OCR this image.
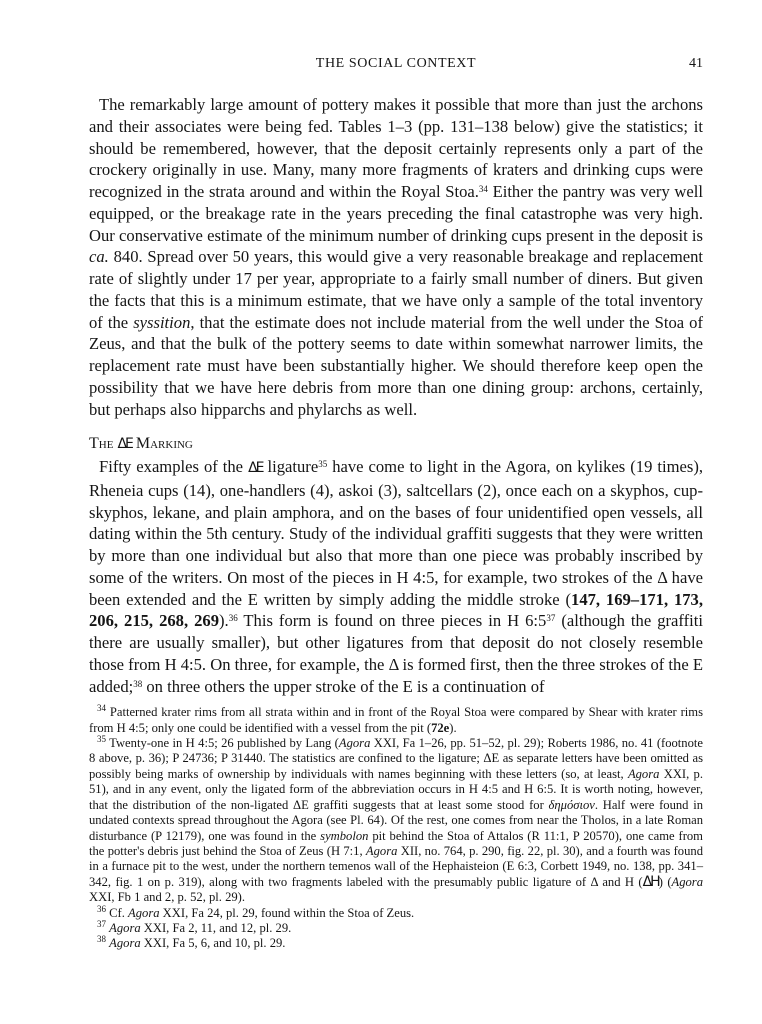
THE SOCIAL CONTEXT	41

The remarkably large amount of pottery makes it possible that more than just the archons and their associates were being fed. Tables 1–3 (pp. 131–138 below) give the statistics; it should be remembered, however, that the deposit certainly represents only a part of the crockery originally in use. Many, many more fragments of kraters and drinking cups were recognized in the strata around and within the Royal Stoa.$^{34}$ Either the pantry was very well equipped, or the breakage rate in the years preceding the final catastrophe was very high. Our conservative estimate of the minimum number of drinking cups present in the deposit is ca. 840. Spread over 50 years, this would give a very reasonable breakage and replacement rate of slightly under 17 per year, appropriate to a fairly small number of diners. But given the facts that this is a minimum estimate, that we have only a sample of the total inventory of the syssition, that the estimate does not include material from the well under the Stoa of Zeus, and that the bulk of the pottery seems to date within somewhat narrower limits, the replacement rate must have been substantially higher. We should therefore keep open the possibility that we have here debris from more than one dining group: archons, certainly, but perhaps also hipparchs and phylarchs as well.

The ΔE Marking

Fifty examples of the ΔE ligature$^{35}$ have come to light in the Agora, on kylikes (19 times), Rheneia cups (14), one-handlers (4), askoi (3), saltcellars (2), once each on a skyphos, cup-skyphos, lekane, and plain amphora, and on the bases of four unidentified open vessels, all dating within the 5th century. Study of the individual graffiti suggests that they were written by more than one individual but also that more than one piece was probably inscribed by some of the writers. On most of the pieces in H 4:5, for example, two strokes of the Δ have been extended and the E written by simply adding the middle stroke (147, 169–171, 173, 206, 215, 268, 269).$^{36}$ This form is found on three pieces in H $6:5^{37}$ (although the graffiti there are usually smaller), but other ligatures from that deposit do not closely resemble those from H 4:5. On three, for example, the Δ is formed first, then the three strokes of the E added;$^{38}$ on three others the upper stroke of the E is a continuation of

$^{34}$ Patterned krater rims from all strata within and in front of the Royal Stoa were compared by Shear with krater rims from H 4:5; only one could be identified with a vessel from the pit (72e).

$^{35}$ Twenty-one in H 4:5; 26 published by Lang (Agora XXI, Fa 1–26, pp. 51–52, pl. 29); Roberts 1986, no. 41 (footnote 8 above, p. 36); P 24736; P 31440. The statistics are confined to the ligature; ΔE as separate letters have been omitted as possibly being marks of ownership by individuals with names beginning with these letters (so, at least, Agora XXI, p. 51), and in any event, only the ligated form of the abbreviation occurs in H 4:5 and H 6:5. It is worth noting, however, that the distribution of the non-ligated ΔE graffiti suggests that at least some stood for δημόσιον. Half were found in undated contexts spread throughout the Agora (see Pl. 64). Of the rest, one comes from near the Tholos, in a late Roman disturbance (P 12179), one was found in the symbolon pit behind the Stoa of Attalos (R 11:1, P 20570), one came from the potter's debris just behind the Stoa of Zeus (H 7:1, Agora XII, no. 764, p. 290, fig. 22, pl. 30), and a fourth was found in a furnace pit to the west, under the northern temenos wall of the Hephaisteion (E 6:3, Corbett 1949, no. 138, pp. 341–342, fig. 1 on p. 319), along with two fragments labeled with the presumably public ligature of Δ and H (ΔH) (Agora XXI, Fb 1 and 2, p. 52, pl. 29).

$^{36}$ Cf. Agora XXI, Fa 24, pl. 29, found within the Stoa of Zeus.

$^{37}$ Agora XXI, Fa 2, 11, and 12, pl. 29.

$^{38}$ Agora XXI, Fa 5, 6, and 10, pl. 29.
